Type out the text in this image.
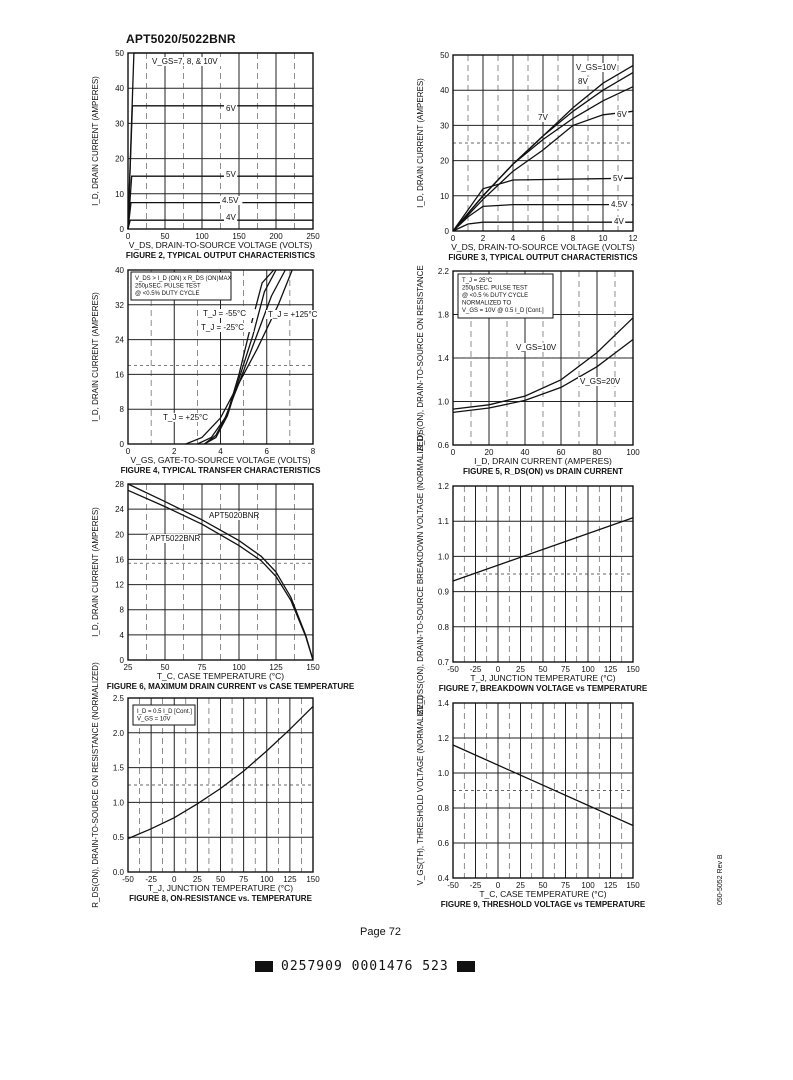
APT5020/5022BNR
0	50	100	150	200	250
0
10
20
30
40
50
V_DS, DRAIN-TO-SOURCE VOLTAGE (VOLTS)
I_D, DRAIN CURRENT (AMPERES)
FIGURE 2, TYPICAL OUTPUT CHARACTERISTICS
V_GS=7, 8, & 10V
6V
5V
4.5V
4V
0	2	4	6	8	10	12
0
10
20
30
40
50
V_DS, DRAIN-TO-SOURCE VOLTAGE (VOLTS)
I_D, DRAIN CURRENT (AMPERES)
FIGURE 3, TYPICAL OUTPUT CHARACTERISTICS
V_GS=10V
8V
7V	6V
5V
4.5V
4V
0	2	4	6	8
0
8
16
24
32
40
V_GS, GATE-TO-SOURCE VOLTAGE (VOLTS)
I_D, DRAIN CURRENT (AMPERES)
FIGURE 4, TYPICAL TRANSFER CHARACTERISTICS
V_DS > I_D (ON) x R_DS (ON)MAX
250µSEC. PULSE TEST
@ <0.5% DUTY CYCLE
T_J = -55°C
T_J = -25°C
T_J = +25°C
T_J = +125°C
0	20	40	60	80	100
0.6
1.0
1.4
1.8
2.2
I_D, DRAIN CURRENT (AMPERES)
R_DS(ON), DRAIN-TO-SOURCE ON RESISTANCE
FIGURE 5, R_DS(ON) vs DRAIN CURRENT
T_J = 25°C
250µSEC. PULSE TEST
@ <0.5 % DUTY CYCLE
NORMALIZED TO
V_GS = 10V @ 0.5 I_D [Cont.]
V_GS=10V
V_GS=20V
25	50	75	100	125	150
0
4
8
12
16
20
24
28
T_C, CASE TEMPERATURE (°C)
I_D, DRAIN CURRENT (AMPERES)
FIGURE 6, MAXIMUM DRAIN CURRENT vs CASE TEMPERATURE
APT5020BNR
APT5022BNR
-50 -25 0 25 50 75 100 125 150
0.7
0.8
0.9
1.0
1.1
1.2
T_J, JUNCTION TEMPERATURE (°C)
BV_DSS(ON), DRAIN-TO-SOURCE BREAKDOWN VOLTAGE (NORMALIZED) FIGURE 7, BREAKDOWN VOLTAGE vs TEMPERATURE
-50 -25 0 25 50 75 100 125 150
0.0
0.5
1.0
1.5
2.0
2.5
T_J, JUNCTION TEMPERATURE (°C)
R_DS(ON), DRAIN-TO-SOURCE ON RESISTANCE (NORMALIZED)	FIGURE 8, ON-RESISTANCE vs. TEMPERATURE
I_D = 0.5 I_D [Cont.]
V_GS = 10V
-50 -25 0 25 50 75 100 125 150
0.4
0.6
0.8
1.0
1.2
1.4
T_C, CASE TEMPERATURE (°C)
V_GS(TH), THRESHOLD VOLTAGE (NORMALIZED)
FIGURE 9, THRESHOLD VOLTAGE vs TEMPERATURE
Page 72
0257909 0001476 523
050-5052 Rev B
